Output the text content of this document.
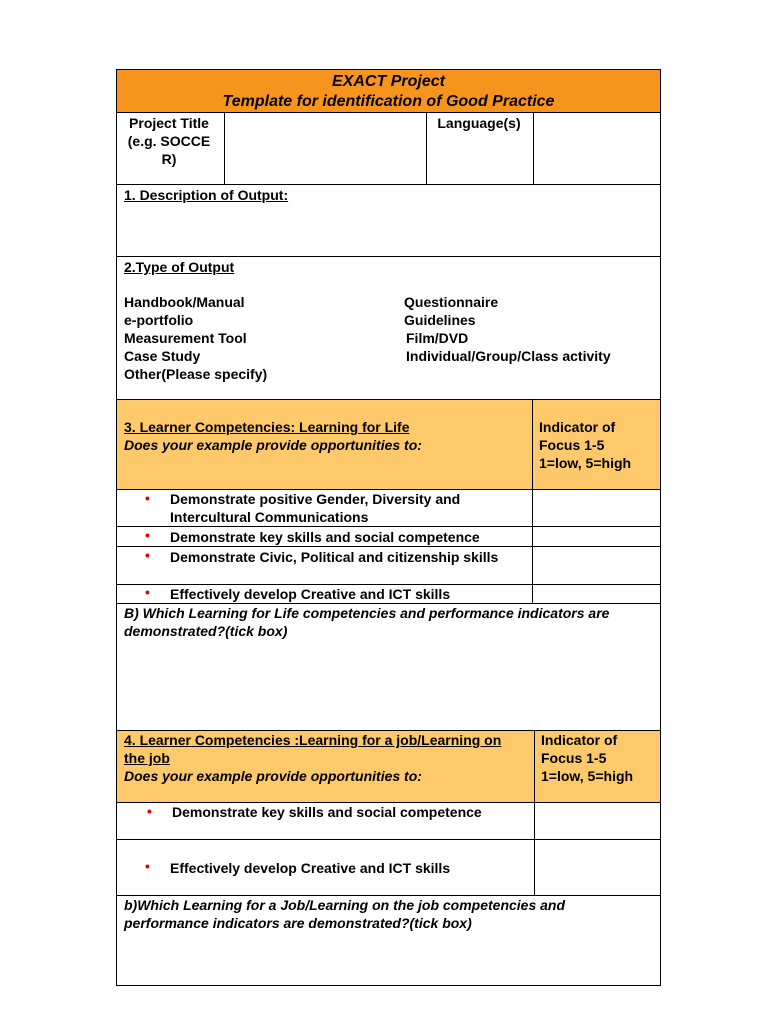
EXACT Project
Template for identification of Good Practice
Project Title (e.g. SOCCER)
Language(s)
1. Description of Output:
2.Type of Output
Handbook/Manual
e-portfolio
Measurement Tool
Case Study
Other(Please specify)
Questionnaire
Guidelines
Film/DVD
Individual/Group/Class activity
3. Learner Competencies: Learning for Life
Does your example provide opportunities to:
Indicator of Focus 1-5
1=low, 5=high
• Demonstrate positive Gender, Diversity and Intercultural Communications
• Demonstrate key skills and social competence
• Demonstrate Civic, Political and citizenship skills
• Effectively develop Creative and ICT skills
B) Which Learning for Life competencies and performance indicators are demonstrated?(tick box)
4. Learner Competencies :Learning for a job/Learning on the job
Does your example provide opportunities to:
Indicator of Focus 1-5
1=low, 5=high
• Demonstrate key skills and social competence
• Effectively develop Creative and ICT skills
b)Which Learning for a Job/Learning on the job competencies and performance indicators are demonstrated?(tick box)
